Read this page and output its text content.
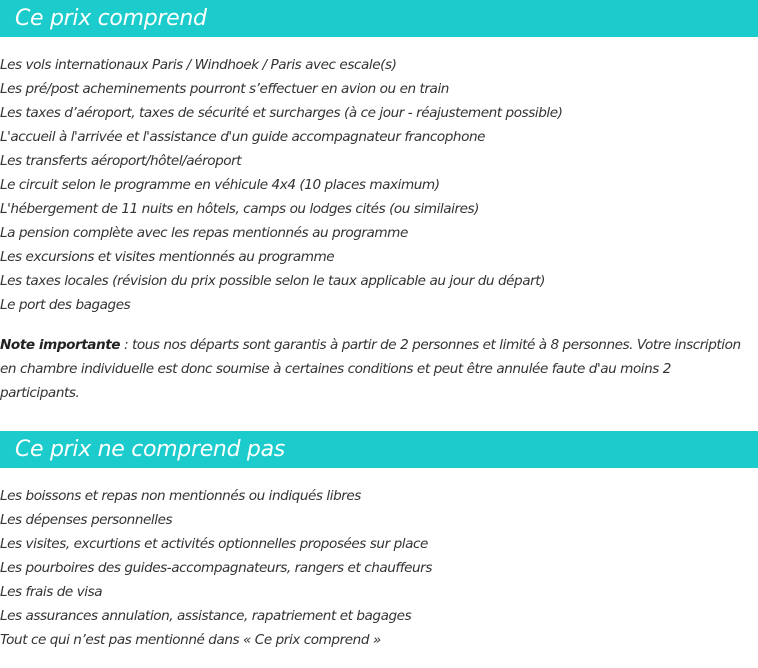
Ce prix comprend
Les vols internationaux Paris / Windhoek / Paris avec escale(s)
Les pré/post acheminements pourront s’effectuer en avion ou en train
Les taxes d’aéroport, taxes de sécurité et surcharges (à ce jour - réajustement possible)
L'accueil à l'arrivée et l'assistance d'un guide accompagnateur francophone
Les transferts aéroport/hôtel/aéroport
Le circuit selon le programme en véhicule 4x4 (10 places maximum)
L'hébergement de 11 nuits en hôtels, camps ou lodges cités (ou similaires)
La pension complète avec les repas mentionnés au programme
Les excursions et visites mentionnés au programme
Les taxes locales (révision du prix possible selon le taux applicable au jour du départ)
Le port des bagages

Note importante : tous nos départs sont garantis à partir de 2 personnes et limité à 8 personnes. Votre inscription en chambre individuelle est donc soumise à certaines conditions et peut être annulée faute d'au moins 2 participants.

Ce prix ne comprend pas
Les boissons et repas non mentionnés ou indiqués libres
Les dépenses personnelles
Les visites, excurtions et activités optionnelles proposées sur place
Les pourboires des guides-accompagnateurs, rangers et chauffeurs
Les frais de visa
Les assurances annulation, assistance, rapatriement et bagages
Tout ce qui n’est pas mentionné dans « Ce prix comprend »
